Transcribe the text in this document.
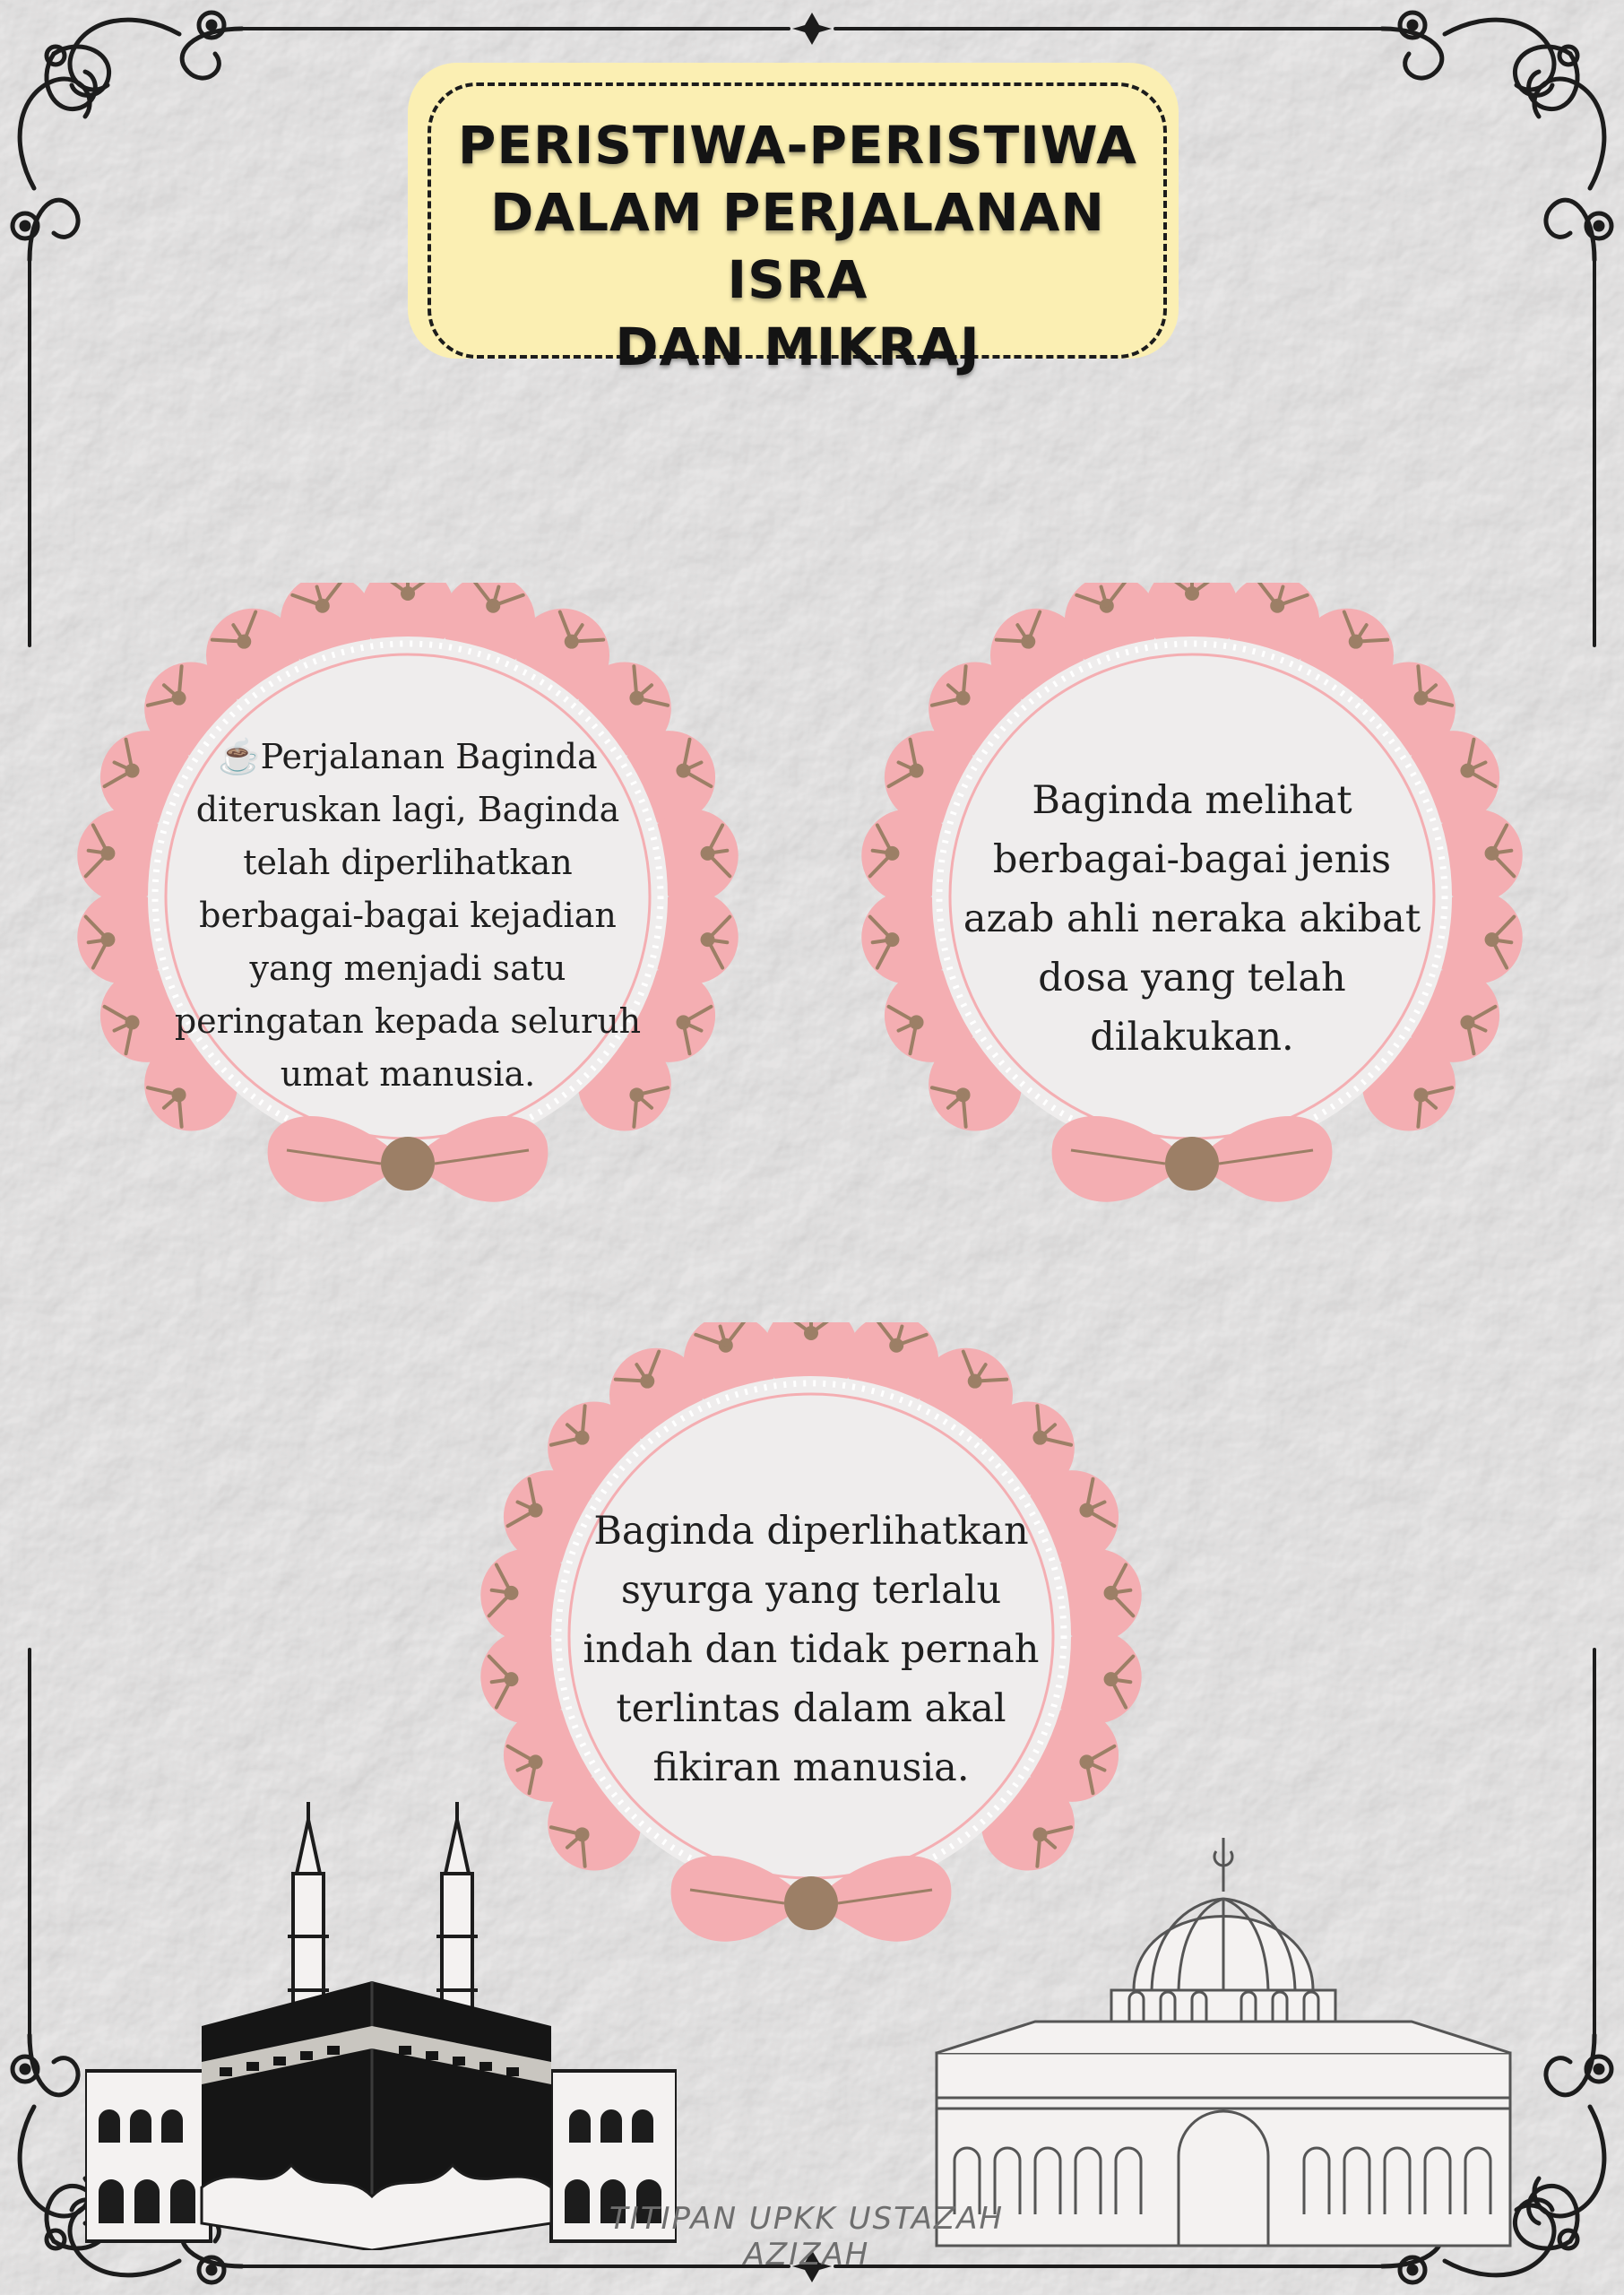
PERISTIWA-PERISTIWA
DALAM PERJALANAN ISRA
DAN MIKRAJ
☕Perjalanan Baginda
diteruskan lagi, Baginda
telah diperlihatkan
berbagai-bagai kejadian
yang menjadi satu
peringatan kepada seluruh
umat manusia.
Baginda melihat
berbagai-bagai jenis
azab ahli neraka akibat
dosa yang telah
dilakukan.
Baginda diperlihatkan
syurga yang terlalu
indah dan tidak pernah
terlintas dalam akal
fikiran manusia.
TITIPAN UPKK USTAZAH AZIZAH
